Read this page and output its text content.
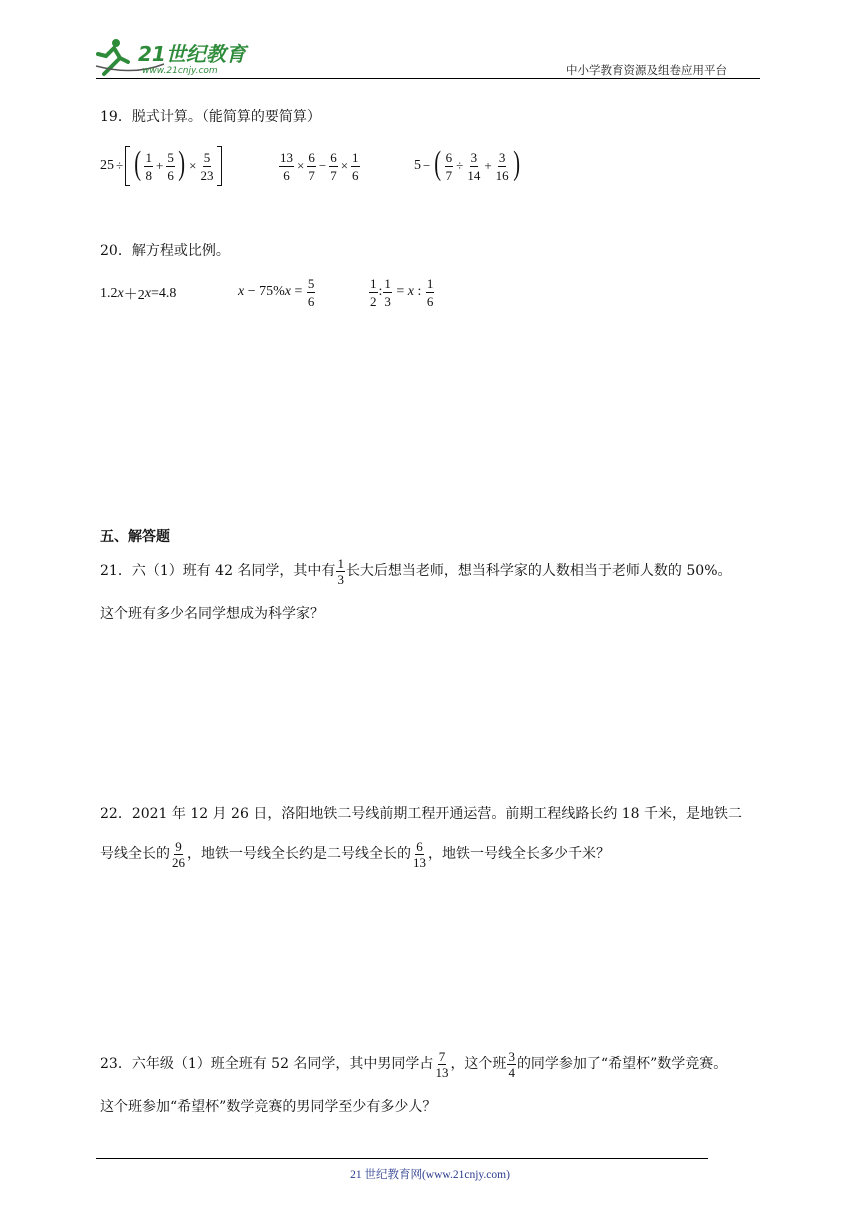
21世纪教育
www.21cnjy.com	中小学教育资源及组卷应用平台
19．脱式计算。（能简算的要简算）
25 ÷ ( $\frac{1}{8} + \frac{5}{6}$ ) × $\frac{5}{23}$	$\frac{13}{6} \times \frac{6}{7} - \frac{6}{7} \times \frac{1}{6}$	5 − ( $\frac{6}{7} \div \frac{3}{14} + \frac{3}{16}$ )
20．解方程或比例。
1.2 x ＋2 x =4.8	x − 75% $x = \frac{5}{6}$	$\frac{1}{2}$ : $\frac{1}{3} = x$ : $\frac{1}{6}$
五、解答题
21．六（1）班有 42 名同学，其中有 $\frac{1}{3}$ 长大后想当老师，想当科学家的人数相当于老师人数的 50%。
这个班有多少名同学想成为科学家？
22．2021 年 12 月 26 日，洛阳地铁二号线前期工程开通运营。前期工程线路长约 18 千米，是地铁二
号线全长的 $\frac{9}{26}$ ，地铁一号线全长约是二号线全长的 $\frac{6}{13}$ ，地铁一号线全长多少千米？
23．六年级（1）班全班有 52 名同学，其中男同学占 $\frac{7}{13}$ ，这个班 $\frac{3}{4}$ 的同学参加了“希望杯”数学竞赛。
这个班参加“希望杯”数学竞赛的男同学至少有多少人？
21 世纪教育网(www.21cnjy.com)
